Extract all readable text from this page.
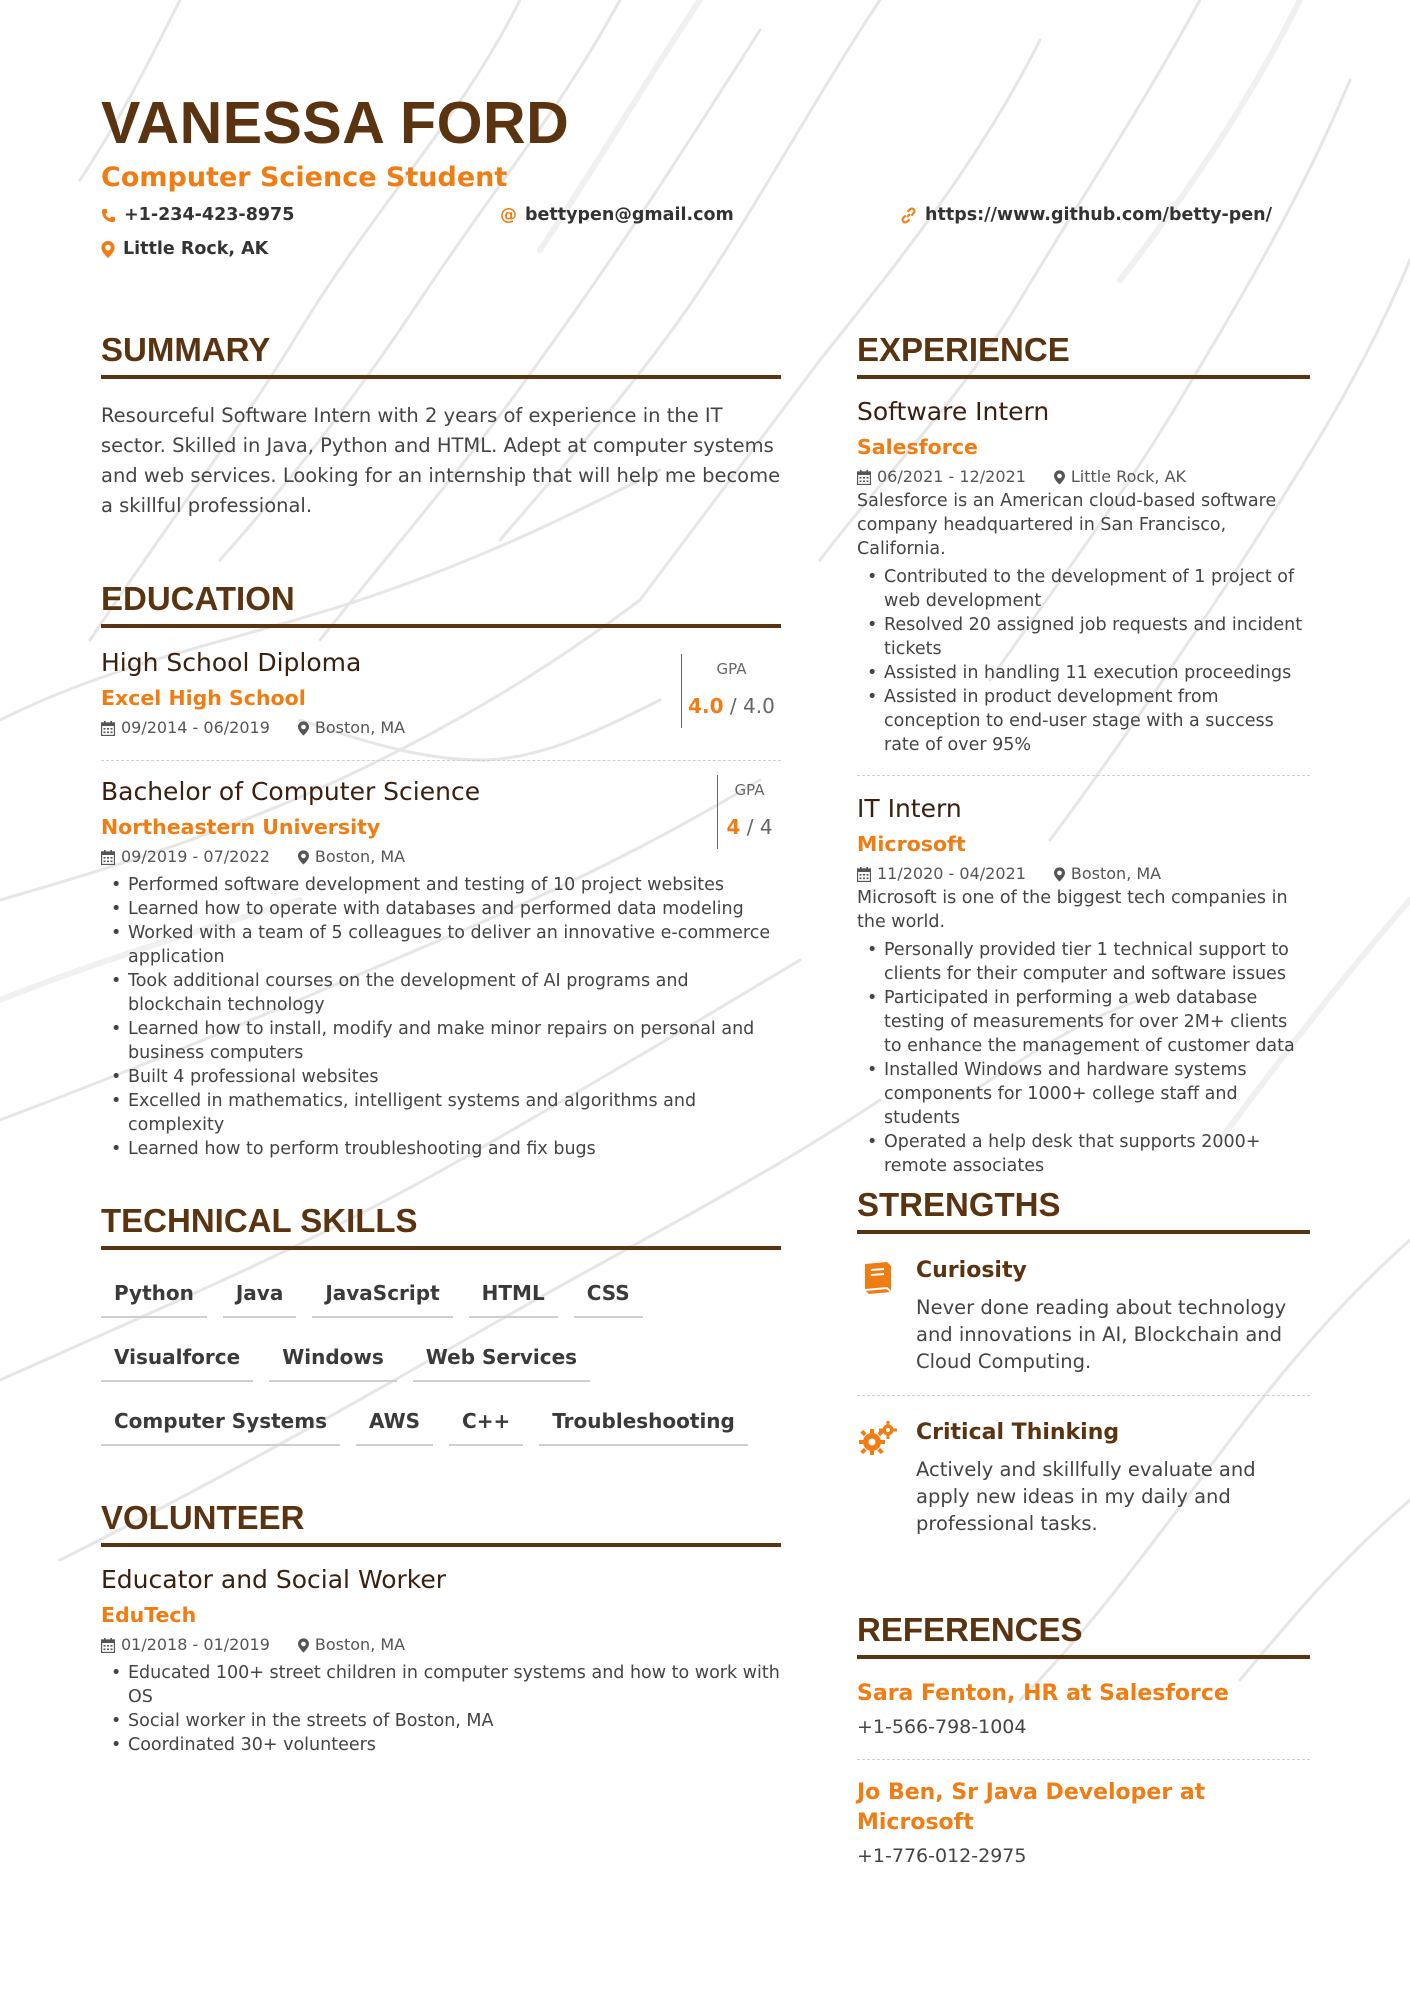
VANESSA FORD
Computer Science Student
+1-234-423-8975
Little Rock, AK
@ bettypen@gmail.com	https://www.github.com/betty-pen/
SUMMARY
Resourceful Software Intern with 2 years of experience in the IT sector. Skilled in Java, Python and HTML. Adept at computer systems and web services. Looking for an internship that will help me become a skillful professional.
EDUCATION
High School Diploma
Excel High School
09/2014 - 06/2019	Boston, MA
GPA
4.0 / 4.0
Bachelor of Computer Science
Northeastern University
09/2019 - 07/2022	Boston, MA
GPA
4 / 4
• Performed software development and testing of 10 project websites
• Learned how to operate with databases and performed data modeling
• Worked with a team of 5 colleagues to deliver an innovative e-commerce application
• Took additional courses on the development of AI programs and blockchain technology
• Learned how to install, modify and make minor repairs on personal and business computers
• Built 4 professional websites
• Excelled in mathematics, intelligent systems and algorithms and complexity
• Learned how to perform troubleshooting and fix bugs
TECHNICAL SKILLS
Python	Java	JavaScript	HTML	CSS
Visualforce	Windows	Web Services
Computer Systems	AWS	C++	Troubleshooting
VOLUNTEER
Educator and Social Worker
EduTech
01/2018 - 01/2019	Boston, MA
• Educated 100+ street children in computer systems and how to work with OS
• Social worker in the streets of Boston, MA
• Coordinated 30+ volunteers
EXPERIENCE
Software Intern
Salesforce
06/2021 - 12/2021	Little Rock, AK
Salesforce is an American cloud-based software company headquartered in San Francisco, California.
• Contributed to the development of 1 project of web development
• Resolved 20 assigned job requests and incident tickets
• Assisted in handling 11 execution proceedings
• Assisted in product development from conception to end-user stage with a success rate of over 95%
IT Intern
Microsoft
11/2020 - 04/2021	Boston, MA
Microsoft is one of the biggest tech companies in the world.
• Personally provided tier 1 technical support to clients for their computer and software issues
• Participated in performing a web database testing of measurements for over 2M+ clients to enhance the management of customer data
• Installed Windows and hardware systems components for 1000+ college staff and students
• Operated a help desk that supports 2000+ remote associates
STRENGTHS
Curiosity
Never done reading about technology and innovations in AI, Blockchain and Cloud Computing.
Critical Thinking
Actively and skillfully evaluate and apply new ideas in my daily and professional tasks.
REFERENCES
Sara Fenton, HR at Salesforce
+1-566-798-1004
Jo Ben, Sr Java Developer at Microsoft
+1-776-012-2975
